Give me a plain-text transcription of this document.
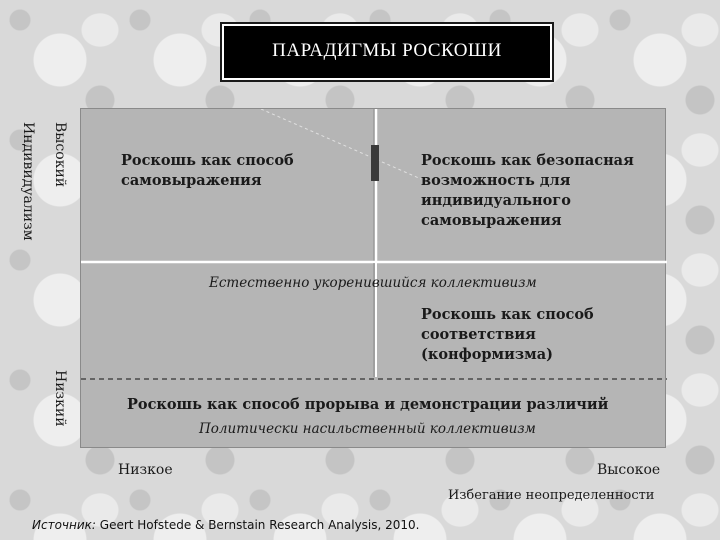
ПАРАДИГМЫ РОСКОШИ
Роскошь как способ самовыражения
Роскошь как безопасная возможность для индивидуального самовыражения
Естественно укоренившийся коллективизм
Роскошь как способ соответствия (конформизма)
Роскошь как способ прорыва и демонстрации различий
Политически насильственный коллективизм
Индивидуализм Высокий
Низкий
Низкое	Высокое
Избегание неопределенности
Источник: Geert Hofstede & Bernstain Research Analysis, 2010.
